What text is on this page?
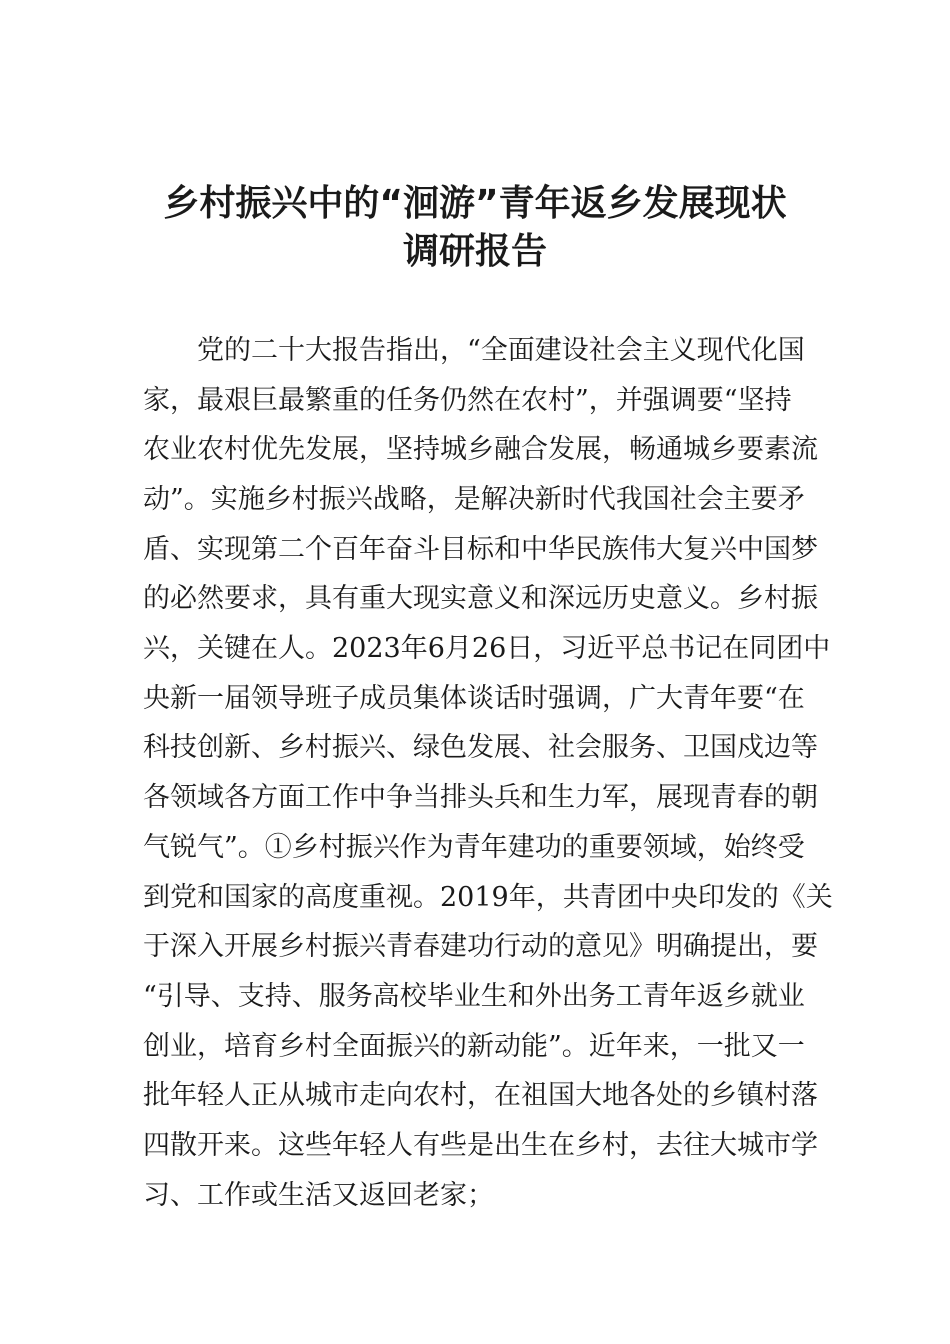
乡村振兴中的“洄游”青年返乡发展现状
调研报告
　　党的二十大报告指出，“全面建设社会主义现代化国
家，最艰巨最繁重的任务仍然在农村”，并强调要“坚持
农业农村优先发展，坚持城乡融合发展，畅通城乡要素流
动”。实施乡村振兴战略，是解决新时代我国社会主要矛
盾、实现第二个百年奋斗目标和中华民族伟大复兴中国梦
的必然要求，具有重大现实意义和深远历史意义。乡村振
兴，关键在人。2023年6月26日，习近平总书记在同团中
央新一届领导班子成员集体谈话时强调，广大青年要“在
科技创新、乡村振兴、绿色发展、社会服务、卫国戍边等
各领域各方面工作中争当排头兵和生力军，展现青春的朝
气锐气”。①乡村振兴作为青年建功的重要领域，始终受
到党和国家的高度重视。2019年，共青团中央印发的《关
于深入开展乡村振兴青春建功行动的意见》明确提出，要
“引导、支持、服务高校毕业生和外出务工青年返乡就业
创业，培育乡村全面振兴的新动能”。近年来，一批又一
批年轻人正从城市走向农村，在祖国大地各处的乡镇村落
四散开来。这些年轻人有些是出生在乡村，去往大城市学
习、工作或生活又返回老家；
